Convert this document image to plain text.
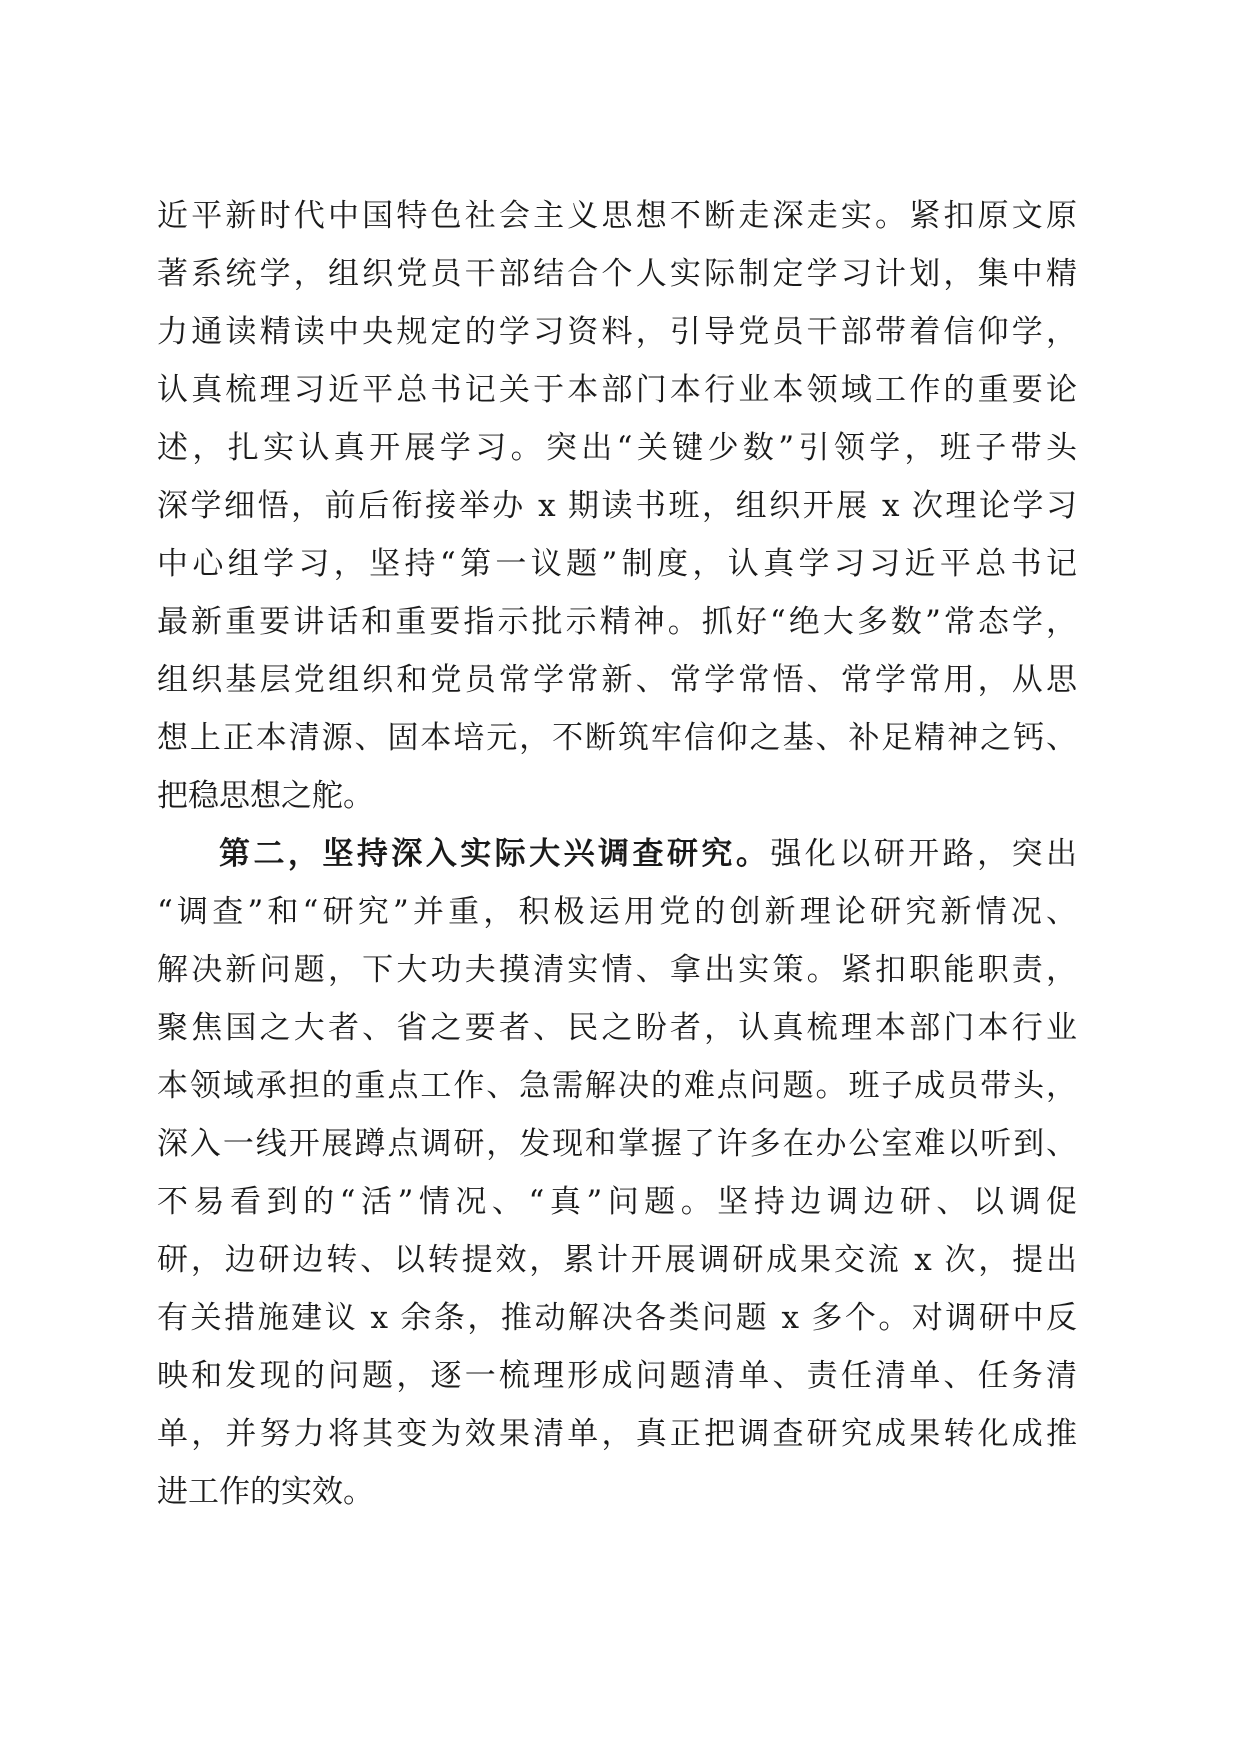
近平新时代中国特色社会主义思想不断走深走实。紧扣原文原
著系统学，组织党员干部结合个人实际制定学习计划，集中精
力通读精读中央规定的学习资料，引导党员干部带着信仰学，
认真梳理习近平总书记关于本部门本行业本领域工作的重要论
述，扎实认真开展学习。突出“关键少数”引领学，班子带头
深学细悟，前后衔接举办 x 期读书班，组织开展 x 次理论学习
中心组学习，坚持“第一议题”制度，认真学习习近平总书记
最新重要讲话和重要指示批示精神。抓好“绝大多数”常态学，
组织基层党组织和党员常学常新、常学常悟、常学常用，从思
想上正本清源、固本培元，不断筑牢信仰之基、补足精神之钙、
把稳思想之舵。
第二，坚持深入实际大兴调查研究。强化以研开路，突出
“调查”和“研究”并重，积极运用党的创新理论研究新情况、
解决新问题，下大功夫摸清实情、拿出实策。紧扣职能职责，
聚焦国之大者、省之要者、民之盼者，认真梳理本部门本行业
本领域承担的重点工作、急需解决的难点问题。班子成员带头，
深入一线开展蹲点调研，发现和掌握了许多在办公室难以听到、
不易看到的“活”情况、“真”问题。坚持边调边研、以调促
研，边研边转、以转提效，累计开展调研成果交流 x 次，提出
有关措施建议 x 余条，推动解决各类问题 x 多个。对调研中反
映和发现的问题，逐一梳理形成问题清单、责任清单、任务清
单，并努力将其变为效果清单，真正把调查研究成果转化成推
进工作的实效。
